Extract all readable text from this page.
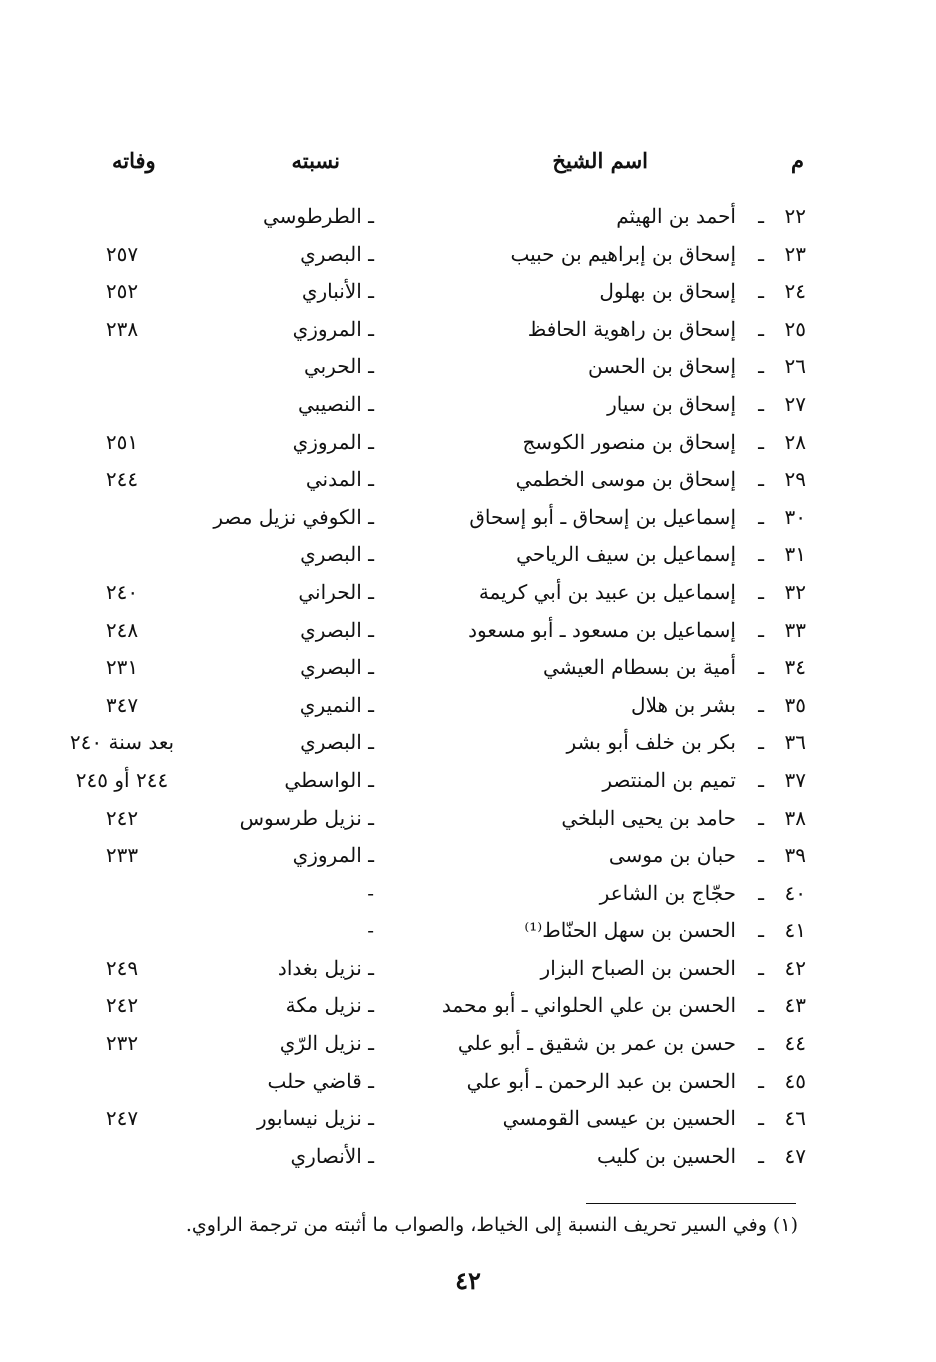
م
اسم الشيخ
نسبته
وفاته
٢٢
ـ
أحمد بن الهيثم
ـ الطرطوسي
٢٣
ـ
إسحاق بن إبراهيم بن حبيب
ـ البصري
٢٥٧
٢٤
ـ
إسحاق بن بهلول
ـ الأنباري
٢٥٢
٢٥
ـ
إسحاق بن راهوية الحافظ
ـ المروزي
٢٣٨
٢٦
ـ
إسحاق بن الحسن
ـ الحربي
٢٧
ـ
إسحاق بن سيار
ـ النصيبي
٢٨
ـ
إسحاق بن منصور الكوسج
ـ المروزي
٢٥١
٢٩
ـ
إسحاق بن موسى الخطمي
ـ المدني
٢٤٤
٣٠
ـ
إسماعيل بن إسحاق ـ أبو إسحاق
ـ الكوفي نزيل مصر
٣١
ـ
إسماعيل بن سيف الرياحي
ـ البصري
٣٢
ـ
إسماعيل بن عبيد بن أبي كريمة
ـ الحراني
٢٤٠
٣٣
ـ
إسماعيل بن مسعود ـ أبو مسعود
ـ البصري
٢٤٨
٣٤
ـ
أمية بن بسطام العيشي
ـ البصري
٢٣١
٣٥
ـ
بشر بن هلال
ـ النميري
٣٤٧
٣٦
ـ
بكر بن خلف أبو بشر
ـ البصري
بعد سنة ٢٤٠
٣٧
ـ
تميم بن المنتصر
ـ الواسطي
٢٤٤ أو ٢٤٥
٣٨
ـ
حامد بن يحيى البلخي
ـ نزيل طرسوس
٢٤٢
٣٩
ـ
حبان بن موسى
ـ المروزي
٢٣٣
٤٠
ـ
حجّاج بن الشاعر
-
٤١
ـ
الحسن بن سهل الحنّاط⁽¹⁾
-
٤٢
ـ
الحسن بن الصباح البزار
ـ نزيل بغداد
٢٤٩
٤٣
ـ
الحسن بن علي الحلواني ـ أبو محمد
ـ نزيل مكة
٢٤٢
٤٤
ـ
حسن بن عمر بن شقيق ـ أبو علي
ـ نزيل الرّي
٢٣٢
٤٥
ـ
الحسن بن عبد الرحمن ـ أبو علي
ـ قاضي حلب
٤٦
ـ
الحسين بن عيسى القومسي
ـ نزيل نيسابور
٢٤٧
٤٧
ـ
الحسين بن كليب
ـ الأنصاري
(١) وفي السير تحريف النسبة إلى الخياط، والصواب ما أثبته من ترجمة الراوي.
٤٢
